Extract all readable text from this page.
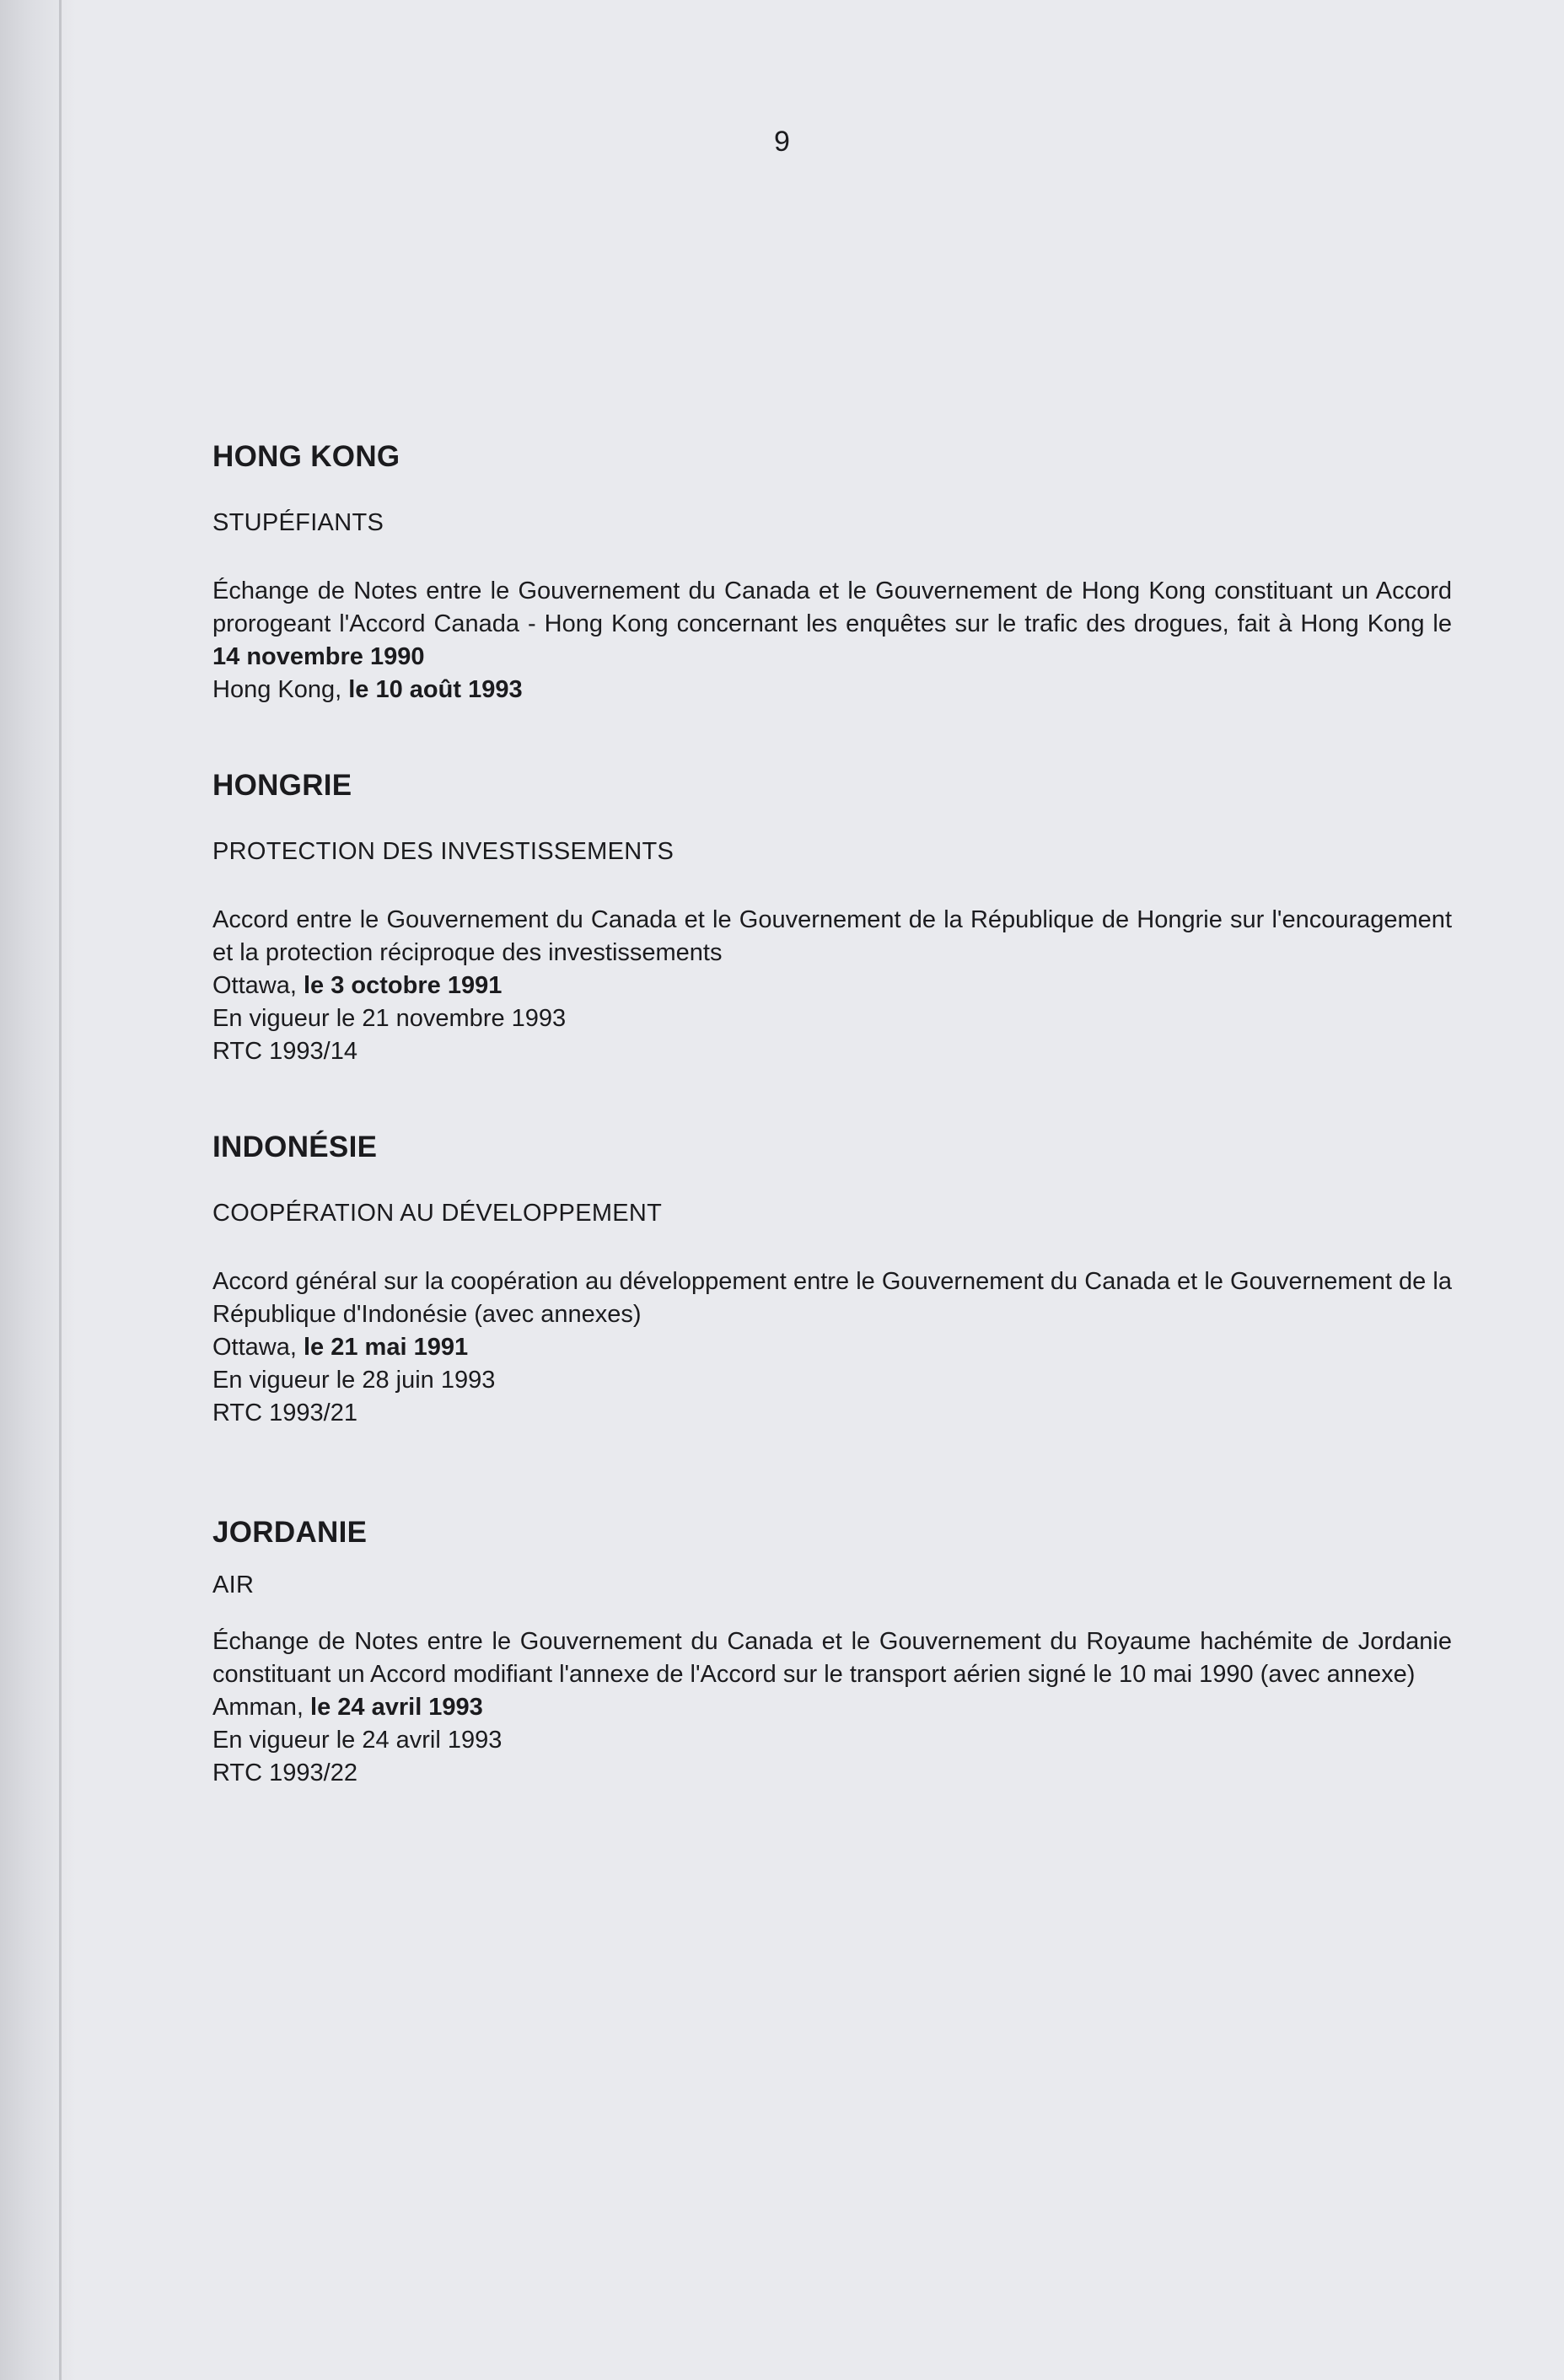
9
HONG KONG
STUPÉFIANTS
Échange de Notes entre le Gouvernement du Canada et le Gouvernement de Hong Kong constituant un Accord prorogeant l'Accord Canada - Hong Kong concernant les enquêtes sur le trafic des drogues, fait à Hong Kong le 14 novembre 1990
Hong Kong, le 10 août 1993
HONGRIE
PROTECTION DES INVESTISSEMENTS
Accord entre le Gouvernement du Canada et le Gouvernement de la République de Hongrie sur l'encouragement et la protection réciproque des investissements
Ottawa, le 3 octobre 1991
En vigueur le 21 novembre 1993
RTC 1993/14
INDONÉSIE
COOPÉRATION AU DÉVELOPPEMENT
Accord général sur la coopération au développement entre le Gouvernement du Canada et le Gouvernement de la République d'Indonésie (avec annexes)
Ottawa, le 21 mai 1991
En vigueur le 28 juin 1993
RTC 1993/21
JORDANIE
AIR
Échange de Notes entre le Gouvernement du Canada et le Gouvernement du Royaume hachémite de Jordanie constituant un Accord modifiant l'annexe de l'Accord sur le transport aérien signé le 10 mai 1990 (avec annexe)
Amman, le 24 avril 1993
En vigueur le 24 avril 1993
RTC 1993/22
